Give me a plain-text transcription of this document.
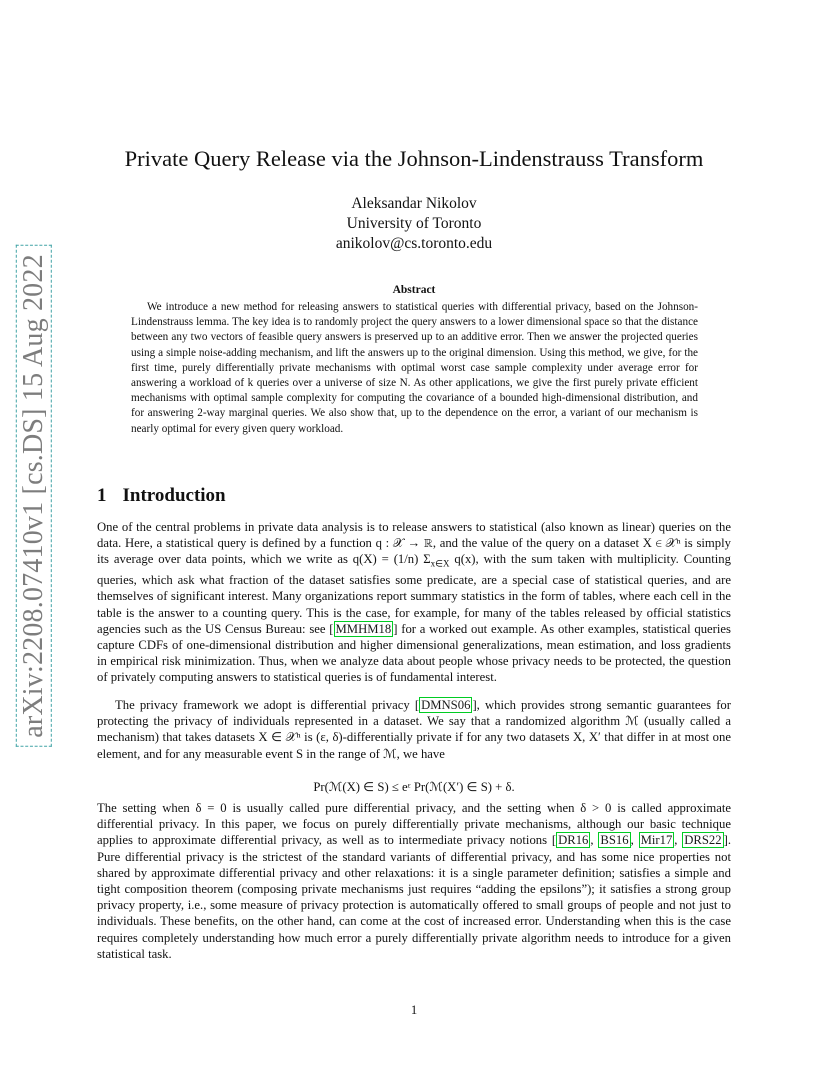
arXiv:2208.07410v1 [cs.DS] 15 Aug 2022
Private Query Release via the Johnson-Lindenstrauss Transform
Aleksandar Nikolov
University of Toronto
anikolov@cs.toronto.edu
Abstract

We introduce a new method for releasing answers to statistical queries with differential privacy, based on the Johnson-Lindenstrauss lemma. The key idea is to randomly project the query answers to a lower dimensional space so that the distance between any two vectors of feasible query answers is preserved up to an additive error. Then we answer the projected queries using a simple noise-adding mechanism, and lift the answers up to the original dimension. Using this method, we give, for the first time, purely differentially private mechanisms with optimal worst case sample complexity under average error for answering a workload of k queries over a universe of size N. As other applications, we give the first purely private efficient mechanisms with optimal sample complexity for computing the covariance of a bounded high-dimensional distribution, and for answering 2-way marginal queries. We also show that, up to the dependence on the error, a variant of our mechanism is nearly optimal for every given query workload.

1 Introduction

One of the central problems in private data analysis is to release answers to statistical (also known as linear) queries on the data. Here, a statistical query is defined by a function q : 𝒳 → ℝ, and the value of the query on a dataset X ∈ 𝒳ⁿ is simply its average over data points, which we write as q(X) = (1/n) $\Sigma_{x\in X}$ q(x), with the sum taken with multiplicity. Counting queries, which ask what fraction of the dataset satisfies some predicate, are a special case of statistical queries, and are themselves of significant interest. Many organizations report summary statistics in the form of tables, where each cell in the table is the answer to a counting query. This is the case, for example, for many of the tables released by official statistics agencies such as the US Census Bureau: see [ MMHM18 ] for a worked out example. As other examples, statistical queries capture CDFs of one-dimensional distribution and higher dimensional generalizations, mean estimation, and loss gradients in empirical risk minimization. Thus, when we analyze data about people whose privacy needs to be protected, the question of privately computing answers to statistical queries is of fundamental interest.

The privacy framework we adopt is differential privacy [ DMNS06 ], which provides strong semantic guarantees for protecting the privacy of individuals represented in a dataset. We say that a randomized algorithm ℳ (usually called a mechanism) that takes datasets X ∈ 𝒳ⁿ is (ε, δ)-differentially private if for any two datasets X, X′ that differ in at most one element, and for any measurable event S in the range of ℳ, we have

Pr(ℳ(X) ∈ S) ≤ eᵋ Pr(ℳ(X′) ∈ S) + δ.

The setting when δ = 0 is usually called pure differential privacy, and the setting when δ > 0 is called approximate differential privacy. In this paper, we focus on purely differentially private mechanisms, although our basic technique applies to approximate differential privacy, as well as to intermediate privacy notions [ DR16 , BS16 , Mir17 , DRS22 ]. Pure differential privacy is the strictest of the standard variants of differential privacy, and has some nice properties not shared by approximate differential privacy and other relaxations: it is a single parameter definition; satisfies a simple and tight composition theorem (composing private mechanisms just requires “adding the epsilons”); it satisfies a strong group privacy property, i.e., some measure of privacy protection is automatically offered to small groups of people and not just to individuals. These benefits, on the other hand, can come at the cost of increased error. Understanding when this is the case requires completely understanding how much error a purely differentially private algorithm needs to introduce for a given statistical task.

1
